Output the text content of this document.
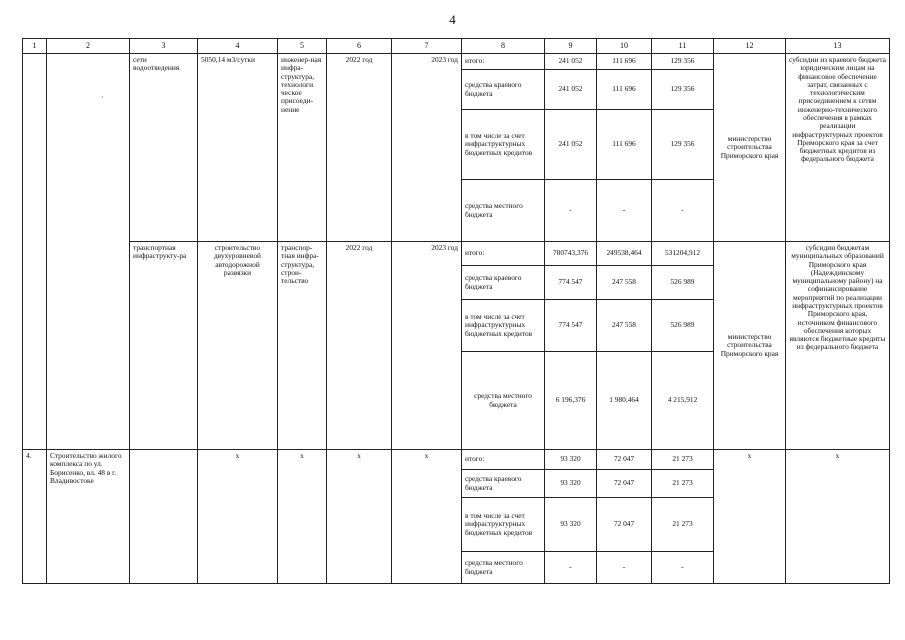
4
·
1	2	3	4	5	6	7	8	9	10	11	12	13
		сети водоотведения	5050,14 м3/сутки	инженер-ная инфра-структура, технологи ческое присоеди-нение	2022 год	2023 год	итого:	241 052	111 696	129 356	министерство строительства Приморского края	субсидии из краевого бюджета юридическим лицам на финансовое обеспечение затрат, связанных с технологическим присоединением к сетям инженерно-технического обеспечения в рамках реализации инфраструктурных проектов Приморского края за счет бюджетных кредитов из федерального бюджета
							средства краевого бюджета	241 052	111 696	129 356		
							в том числе за счет инфраструктурных бюджетных кредитов	241 052	111 696	129 356		
							средства местного бюджета	-	-	-		
		транспортная инфраструкту-ра	строительство двухуровневой автодорожной развязки	транспор-тная инфра-структура, строи-тельство	2022 год	2023 год	итого:	780743,376	249538,464	531204,912	министерство строительства Приморского края	субсидии бюджетам муниципальных образований Приморского края (Надеждинскому муниципальному району) на софинансирование мероприятий по реализации инфраструктурных проектов Приморского края, источником финансового обеспечения которых являются бюджетные кредиты из федерального бюджета
							средства краевого бюджета	774 547	247 558	526 989		
							в том числе за счет инфраструктурных бюджетных кредитов	774 547	247 558	526 989		
							средства местного бюджета	6 196,376	1 980,464	4 215,912		
4.	Строительство жилого комплекса по ул. Борисенко, вл. 48 в г. Владивостоке		x	x	x	x	итого:	93 320	72 047	21 273	x	x
							средства краевого бюджета	93 320	72 047	21 273		
							в том числе за счет инфраструктурных бюджетных кредитов	93 320	72 047	21 273		
							средства местного бюджета	-	-	-		
